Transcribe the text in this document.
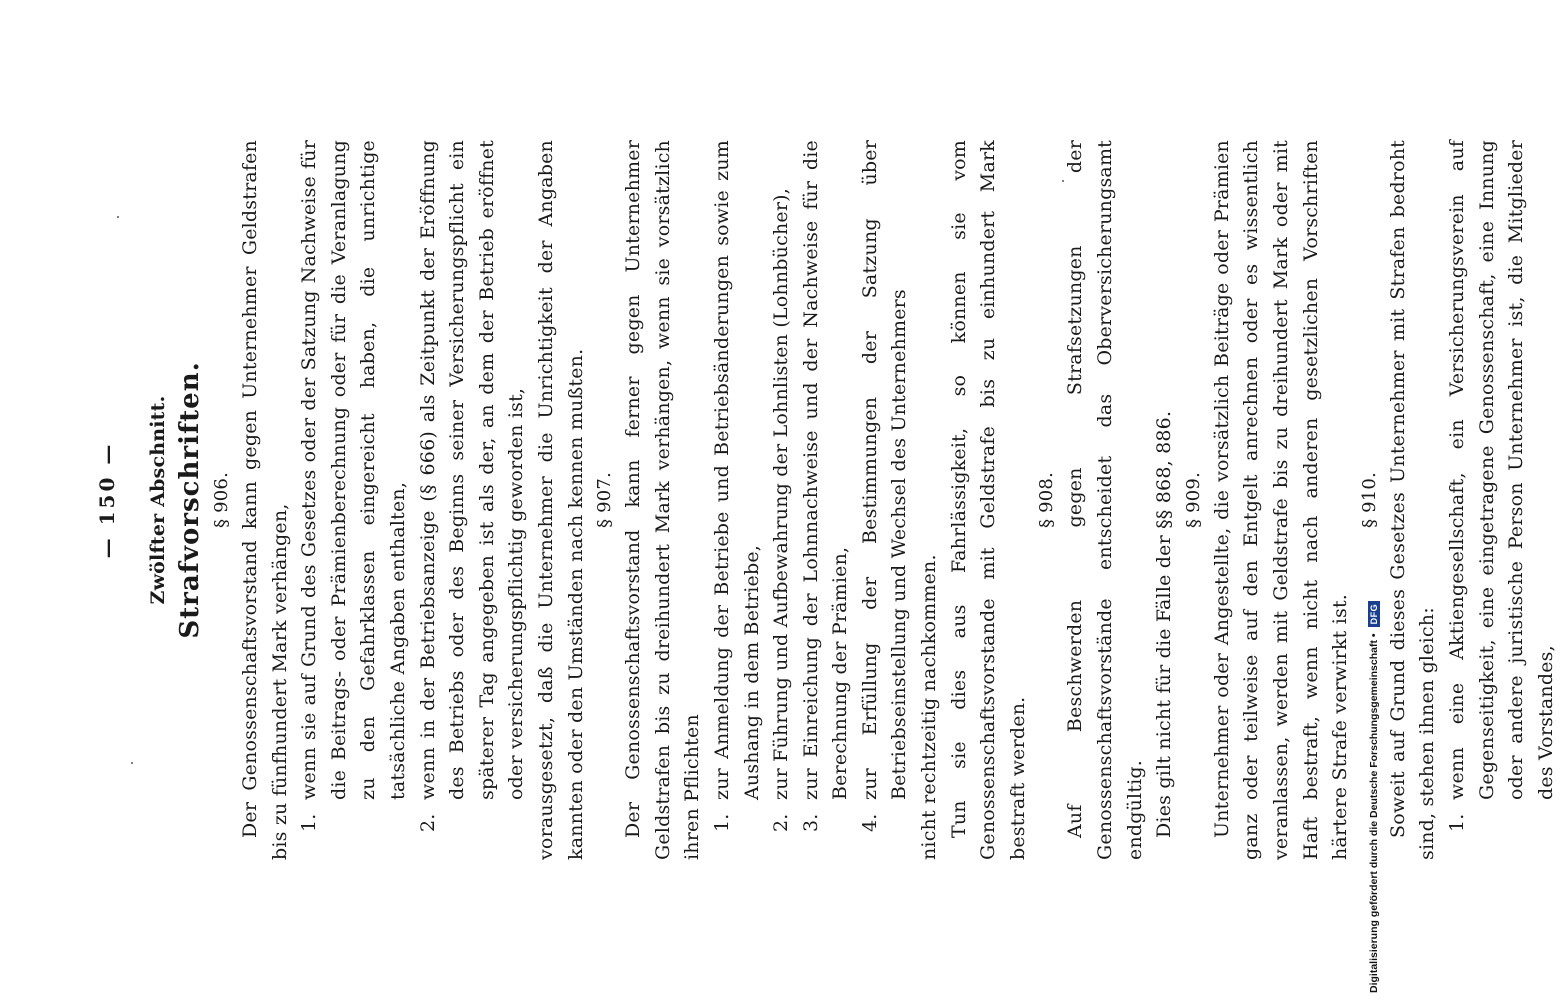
— 150 — Zwölfter Abschnitt. Strafvorschriften. § 906. Der Genossenschaftsvorstand kann gegen Unternehmer Geldstrafen bis zu fünfhundert Mark verhängen, 1.
wenn sie auf Grund des Gesetzes oder der Satzung Nachweise für die Beitrags- oder Prämienberechnung oder für die Veranlagung zu den Gefahrklassen eingereicht haben, die unrichtige tatsächliche Angaben enthalten,
2.
wenn in der Betriebsanzeige (§ 666) als Zeitpunkt der Eröffnung des Betriebs oder des Beginns seiner Versicherungspflicht ein späterer Tag angegeben ist als der, an dem der Betrieb eröffnet oder versicherungspflichtig geworden ist, vorausgesetzt, daß die Unternehmer die Unrichtigkeit der Angaben kannten oder den Umständen nach kennen mußten. § 907. Der Genossenschaftsvorstand kann ferner gegen Unternehmer Geldstrafen bis zu dreihundert Mark verhängen, wenn sie vorsätzlich ihren Pflichten 1.
zur Anmeldung der Betriebe und Betriebsänderungen sowie zum Aushang in dem Betriebe,
2.
zur Führung und Aufbewahrung der Lohnlisten (Lohnbücher),
3.
zur Einreichung der Lohnnachweise und der Nachweise für die Berechnung der Prämien,
4.
zur Erfüllung der Bestimmungen der Satzung über Betriebseinstellung und Wechsel des Unternehmers nicht rechtzeitig nachkommen. Tun sie dies aus Fahrlässigkeit, so können sie vom Genossenschaftsvorstande mit Geldstrafe bis zu einhundert Mark bestraft werden.

§ 908. Auf Beschwerden gegen Strafsetzungen der Genossenschaftsvorstände entscheidet das Oberversicherungsamt endgültig. Dies gilt nicht für die Fälle der §§ 868, 886. § 909. Unternehmer oder Angestellte, die vorsätzlich Beiträge oder Prämien ganz oder teilweise auf den Entgelt anrechnen oder es wissentlich veranlassen, werden mit Geldstrafe bis zu dreihundert Mark oder mit Haft bestraft, wenn nicht nach anderen gesetzlichen Vorschriften härtere Strafe verwirkt ist.

§ 910. Soweit auf Grund dieses Gesetzes Unternehmer mit Strafen bedroht sind, stehen ihnen gleich: 1.
wenn eine Aktiengesellschaft, ein Versicherungsverein auf Gegenseitigkeit, eine eingetragene Genossenschaft, eine Innung oder andere juristische Person Unternehmer ist, die Mitglieder des Vorstandes,
Digitalisierung gefördert durch die Deutsche Forschungsgemeinschaft •
DFG
